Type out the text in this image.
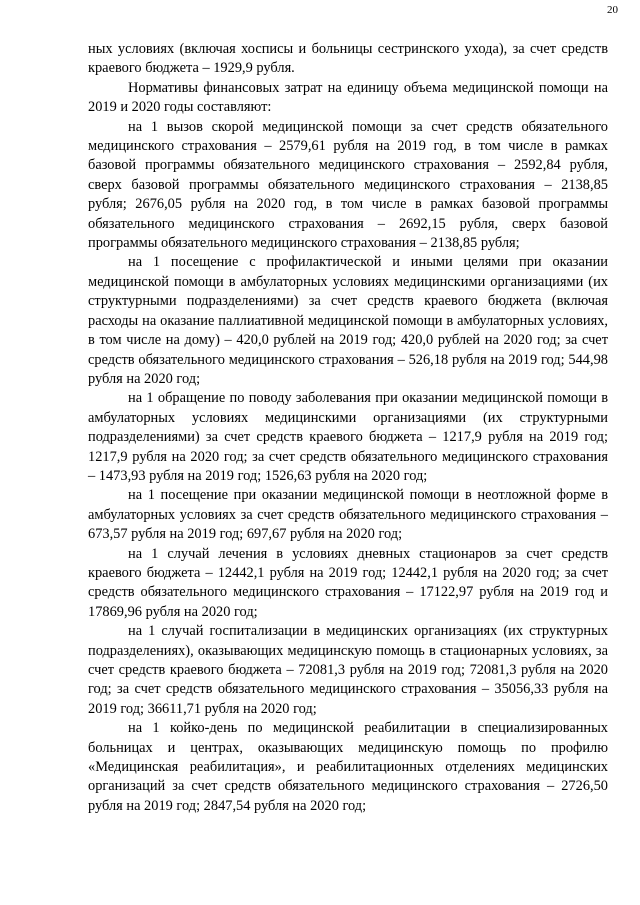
20

ных условиях (включая хосписы и больницы сестринского ухода), за счет средств краевого бюджета – 1929,9 рубля.

Нормативы финансовых затрат на единицу объема медицинской помощи на 2019 и 2020 годы составляют:

на 1 вызов скорой медицинской помощи за счет средств обязательного медицинского страхования – 2579,61 рубля на 2019 год, в том числе в рамках базовой программы обязательного медицинского страхования – 2592,84 рубля, сверх базовой программы обязательного медицинского страхования – 2138,85 рубля; 2676,05 рубля на 2020 год, в том числе в рамках базовой программы обязательного медицинского страхования – 2692,15 рубля, сверх базовой программы обязательного медицинского страхования – 2138,85 рубля;

на 1 посещение с профилактической и иными целями при оказании медицинской помощи в амбулаторных условиях медицинскими организациями (их структурными подразделениями) за счет средств краевого бюджета (включая расходы на оказание паллиативной медицинской помощи в амбулаторных условиях, в том числе на дому) – 420,0 рублей на 2019 год; 420,0 рублей на 2020 год; за счет средств обязательного медицинского страхования – 526,18 рубля на 2019 год; 544,98 рубля на 2020 год;

на 1 обращение по поводу заболевания при оказании медицинской помощи в амбулаторных условиях медицинскими организациями (их структурными подразделениями) за счет средств краевого бюджета – 1217,9 рубля на 2019 год; 1217,9 рубля на 2020 год; за счет средств обязательного медицинского страхования – 1473,93 рубля на 2019 год; 1526,63 рубля на 2020 год;

на 1 посещение при оказании медицинской помощи в неотложной форме в амбулаторных условиях за счет средств обязательного медицинского страхования – 673,57 рубля на 2019 год; 697,67 рубля на 2020 год;

на 1 случай лечения в условиях дневных стационаров за счет средств краевого бюджета – 12442,1 рубля на 2019 год; 12442,1 рубля на 2020 год; за счет средств обязательного медицинского страхования – 17122,97 рубля на 2019 год и 17869,96 рубля на 2020 год;

на 1 случай госпитализации в медицинских организациях (их структурных подразделениях), оказывающих медицинскую помощь в стационарных условиях, за счет средств краевого бюджета – 72081,3 рубля на 2019 год; 72081,3 рубля на 2020 год; за счет средств обязательного медицинского страхования – 35056,33 рубля на 2019 год; 36611,71 рубля на 2020 год;

на 1 койко-день по медицинской реабилитации в специализированных больницах и центрах, оказывающих медицинскую помощь по профилю «Медицинская реабилитация», и реабилитационных отделениях медицинских организаций за счет средств обязательного медицинского страхования – 2726,50 рубля на 2019 год; 2847,54 рубля на 2020 год;
